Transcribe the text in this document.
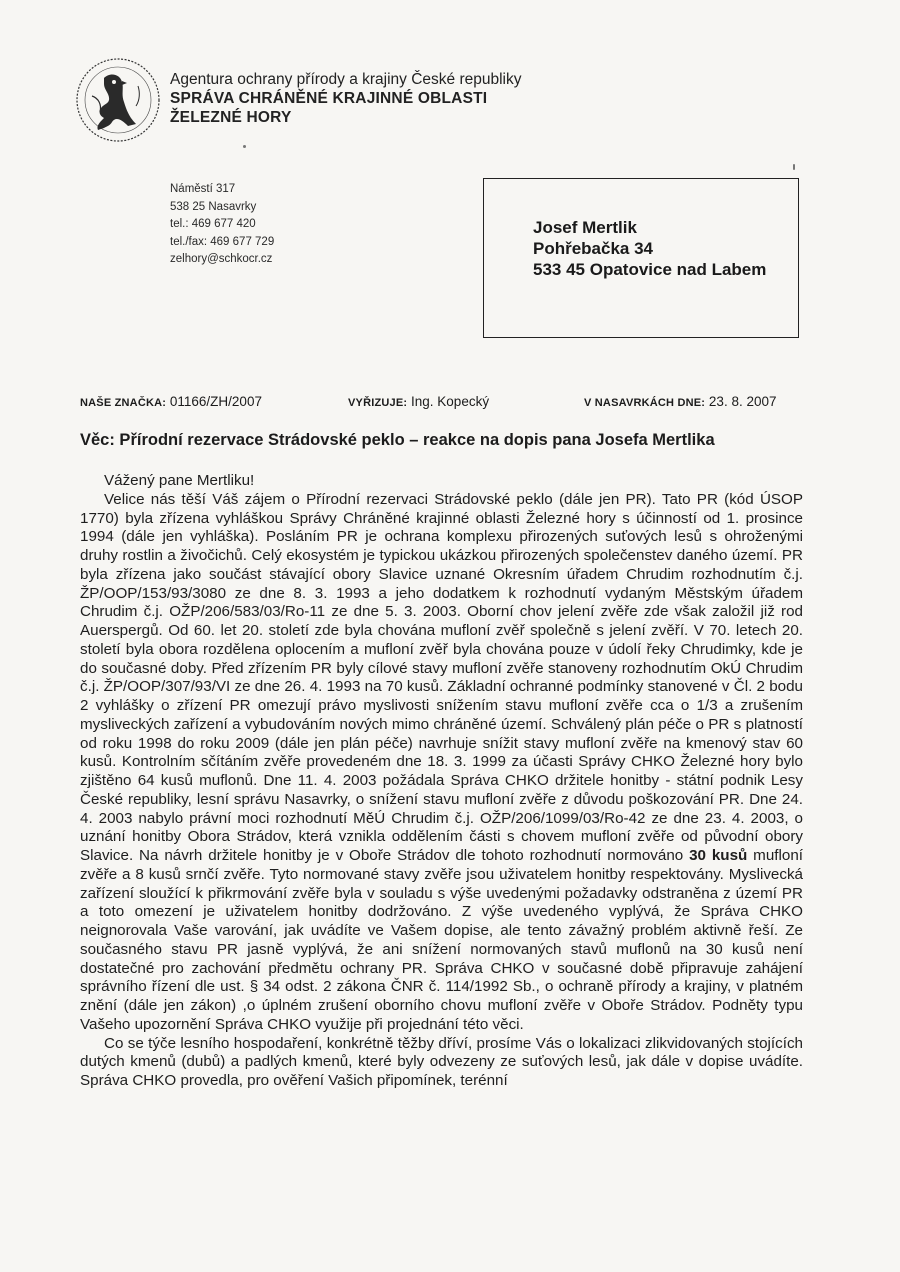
Agentura ochrany přírody a krajiny České republiky
SPRÁVA CHRÁNĚNÉ KRAJINNÉ OBLASTI
ŽELEZNÉ HORY
Náměstí 317
538 25 Nasavrky
tel.: 469 677 420
tel./fax: 469 677 729
zelhory@schkocr.cz
Josef Mertlik
Pohřebačka 34
533 45 Opatovice nad Labem
NAŠE ZNAČKA: 01166/ZH/2007	VYŘIZUJE: Ing. Kopecký	V NASAVRKÁCH DNE: 23. 8. 2007
Věc: Přírodní rezervace Strádovské peklo – reakce na dopis pana Josefa Mertlika
Vážený pane Mertliku!

Velice nás těší Váš zájem o Přírodní rezervaci Strádovské peklo (dále jen PR). Tato PR (kód ÚSOP 1770) byla zřízena vyhláškou Správy Chráněné krajinné oblasti Železné hory s účinností od 1. prosince 1994 (dále jen vyhláška). Posláním PR je ochrana komplexu přirozených suťových lesů s ohroženými druhy rostlin a živočichů. Celý ekosystém je typickou ukázkou přirozených společenstev daného území. PR byla zřízena jako součást stávající obory Slavice uznané Okresním úřadem Chrudim rozhodnutím č.j. ŽP/OOP/153/93/3080 ze dne 8. 3. 1993 a jeho dodatkem k rozhodnutí vydaným Městským úřadem Chrudim č.j. OŽP/206/583/03/Ro-11 ze dne 5. 3. 2003. Oborní chov jelení zvěře zde však založil již rod Auerspergů. Od 60. let 20. století zde byla chována mufloní zvěř společně s jelení zvěří. V 70. letech 20. století byla obora rozdělena oplocením a mufloní zvěř byla chována pouze v údolí řeky Chrudimky, kde je do současné doby. Před zřízením PR byly cílové stavy mufloní zvěře stanoveny rozhodnutím OkÚ Chrudim č.j. ŽP/OOP/307/93/VI ze dne 26. 4. 1993 na 70 kusů. Základní ochranné podmínky stanovené v Čl. 2 bodu 2 vyhlášky o zřízení PR omezují právo myslivosti snížením stavu mufloní zvěře cca o 1/3 a zrušením mysliveckých zařízení a vybudováním nových mimo chráněné území. Schválený plán péče o PR s platností od roku 1998 do roku 2009 (dále jen plán péče) navrhuje snížit stavy mufloní zvěře na kmenový stav 60 kusů. Kontrolním sčítáním zvěře provedeném dne 18. 3. 1999 za účasti Správy CHKO Železné hory bylo zjištěno 64 kusů muflonů. Dne 11. 4. 2003 požádala Správa CHKO držitele honitby - státní podnik Lesy České republiky, lesní správu Nasavrky, o snížení stavu mufloní zvěře z důvodu poškozování PR. Dne 24. 4. 2003 nabylo právní moci rozhodnutí MěÚ Chrudim č.j. OŽP/206/1099/03/Ro-42 ze dne 23. 4. 2003, o uznání honitby Obora Strádov, která vznikla oddělením části s chovem mufloní zvěře od původní obory Slavice. Na návrh držitele honitby je v Oboře Strádov dle tohoto rozhodnutí normováno 30 kusů mufloní zvěře a 8 kusů srnčí zvěře. Tyto normované stavy zvěře jsou uživatelem honitby respektovány. Myslivecká zařízení sloužící k přikrmování zvěře byla v souladu s výše uvedenými požadavky odstraněna z území PR a toto omezení je uživatelem honitby dodržováno. Z výše uvedeného vyplývá, že Správa CHKO neignorovala Vaše varování, jak uvádíte ve Vašem dopise, ale tento závažný problém aktivně řeší. Ze současného stavu PR jasně vyplývá, že ani snížení normovaných stavů muflonů na 30 kusů není dostatečné pro zachování předmětu ochrany PR. Správa CHKO v současné době připravuje zahájení správního řízení dle ust. § 34 odst. 2 zákona ČNR č. 114/1992 Sb., o ochraně přírody a krajiny, v platném znění (dále jen zákon) ,o úplném zrušení oborního chovu mufloní zvěře v Oboře Strádov. Podněty typu Vašeho upozornění Správa CHKO využije při projednání této věci.

Co se týče lesního hospodaření, konkrétně těžby dříví, prosíme Vás o lokalizaci zlikvidovaných stojících dutých kmenů (dubů) a padlých kmenů, které byly odvezeny ze suťových lesů, jak dále v dopise uvádíte. Správa CHKO provedla, pro ověření Vašich připomínek, terénní
